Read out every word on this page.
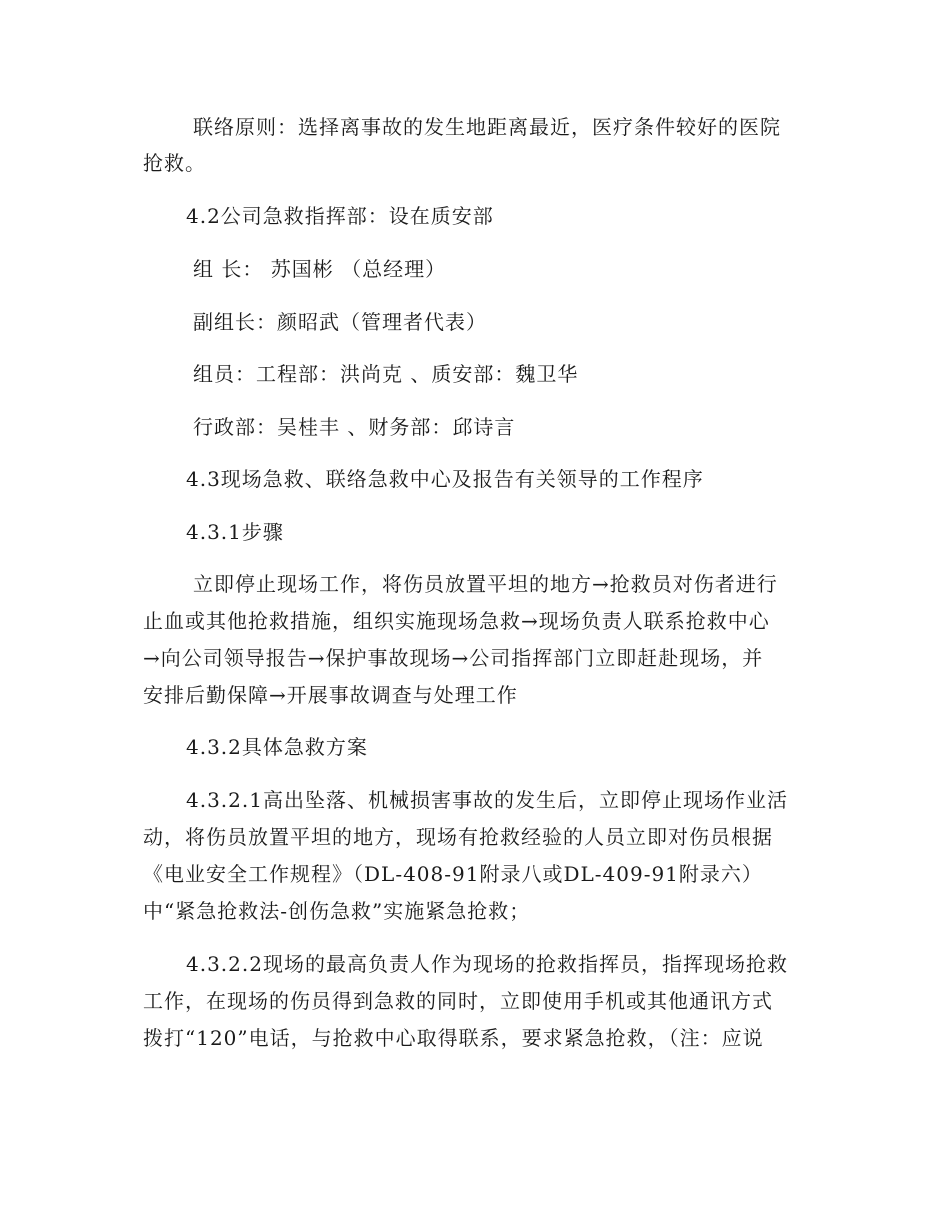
联络原则：选择离事故的发生地距离最近，医疗条件较好的医院
抢救。
4.2公司急救指挥部：设在质安部
组 长： 苏国彬 （总经理）
副组长：颜昭武（管理者代表）
组员：工程部：洪尚克 、质安部：魏卫华
行政部：吴桂丰 、财务部：邱诗言
4.3现场急救、联络急救中心及报告有关领导的工作程序
4.3.1步骤
立即停止现场工作，将伤员放置平坦的地方→抢救员对伤者进行
止血或其他抢救措施，组织实施现场急救→现场负责人联系抢救中心
→向公司领导报告→保护事故现场→公司指挥部门立即赶赴现场，并
安排后勤保障→开展事故调查与处理工作
4.3.2具体急救方案
4.3.2.1高出坠落、机械损害事故的发生后，立即停止现场作业活
动，将伤员放置平坦的地方，现场有抢救经验的人员立即对伤员根据
《电业安全工作规程》（DL-408-91附录八或DL-409-91附录六）
中“紧急抢救法-创伤急救”实施紧急抢救；
4.3.2.2现场的最高负责人作为现场的抢救指挥员，指挥现场抢救
工作，在现场的伤员得到急救的同时，立即使用手机或其他通讯方式
拨打“120”电话，与抢救中心取得联系，要求紧急抢救，（注：应说
